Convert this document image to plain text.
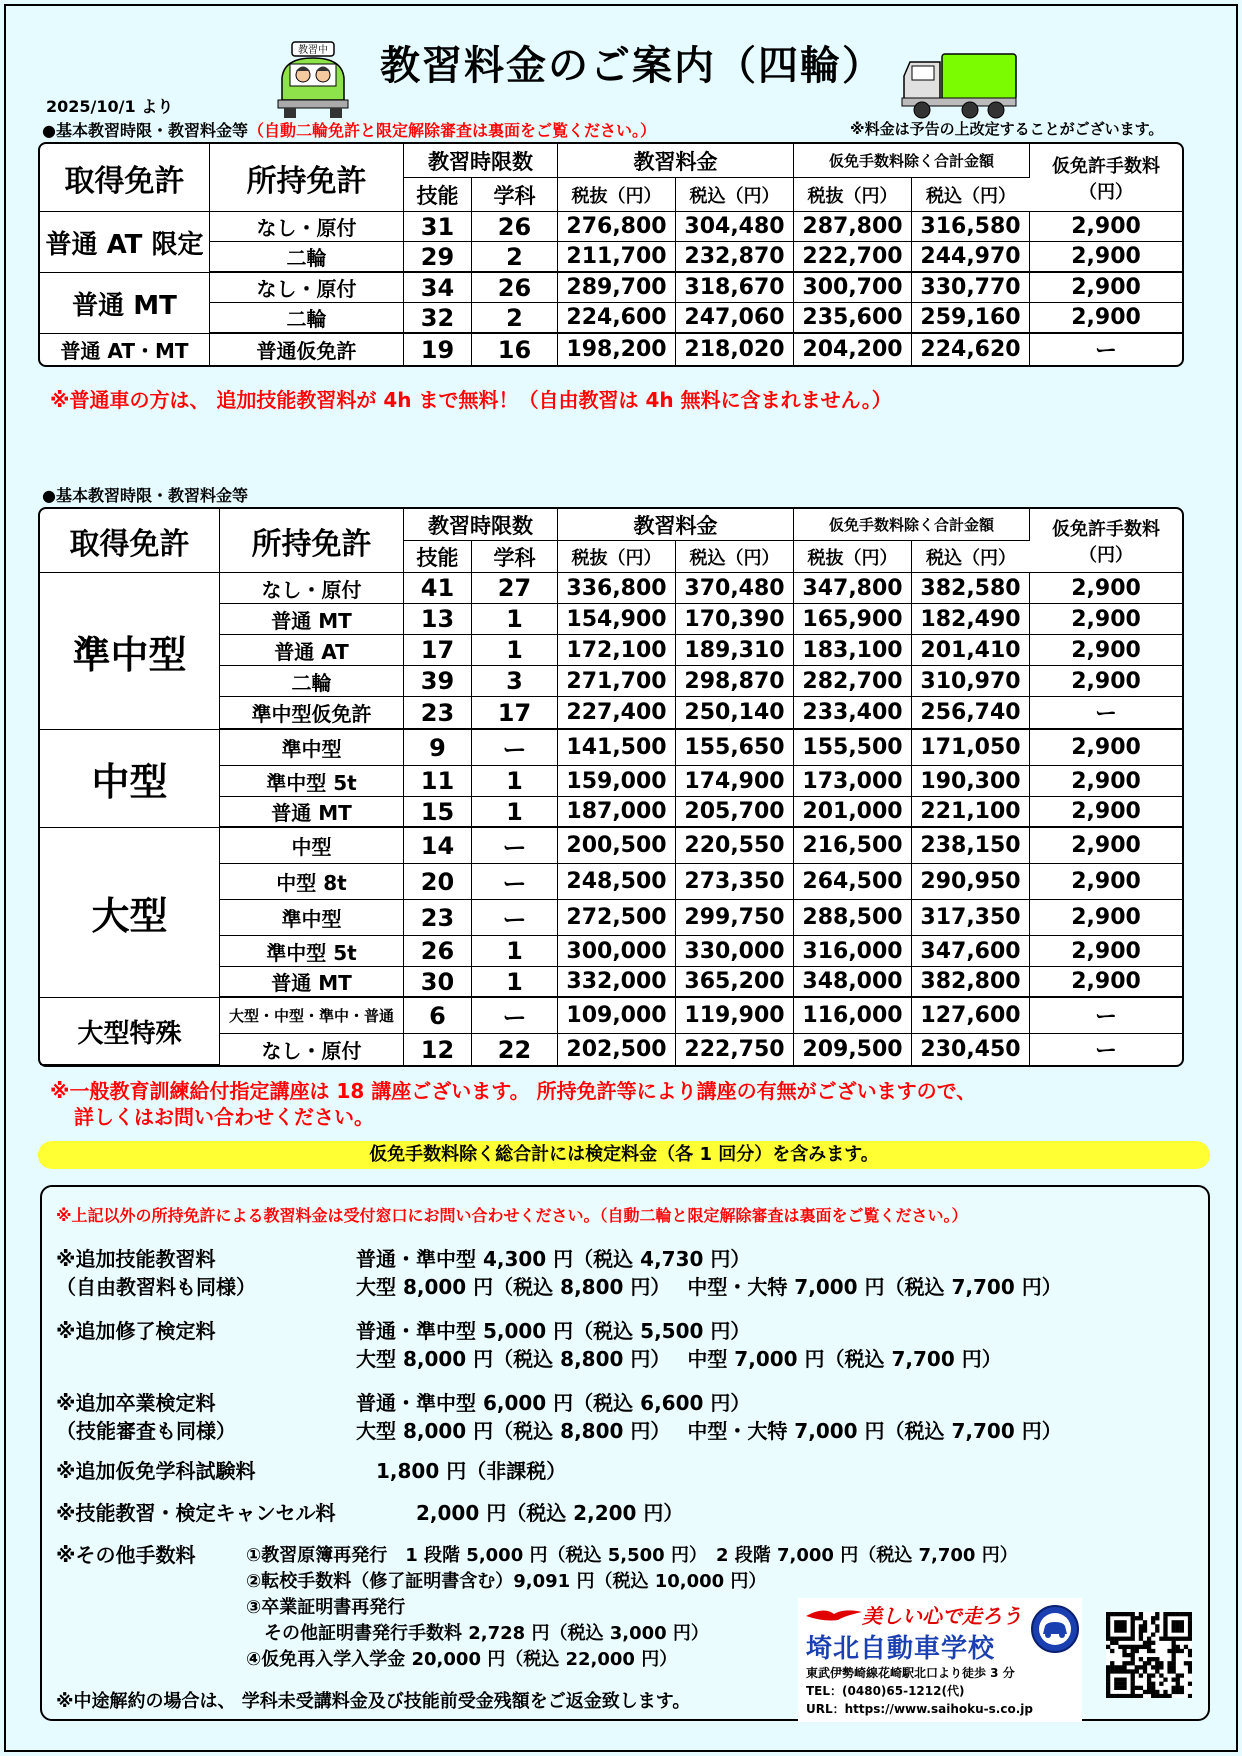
教習中 教習料金のご案内（四輪）
2025/10/1 より
●基本教習時限・教習料金等（自動二輪免許と限定解除審査は裏面をご覧ください。）	※料金は予告の上改定することがございます。
取得免許	所持免許	教習時限数		教習料金		仮免手数料除く合計金額		仮免許手数料
（円）
		技能	学科	税抜（円）	税込（円）	税抜（円）	税込（円）	
普通 AT 限定	なし・原付	31	26	276,800	304,480	287,800	316,580	2,900
	二輪	29	2	211,700	232,870	222,700	244,970	2,900
普通 MT	なし・原付	34	26	289,700	318,670	300,700	330,770	2,900
	二輪	32	2	224,600	247,060	235,600	259,160	2,900
普通 AT・MT	普通仮免許	19	16	198,200	218,020	204,200	224,620	ー
※普通車の方は、 追加技能教習料が 4h まで無料！（自由教習は 4h 無料に含まれません。）
●基本教習時限・教習料金等
取得免許	所持免許	教習時限数		教習料金		仮免手数料除く合計金額		仮免許手数料
（円）
		技能	学科	税抜（円）	税込（円）	税抜（円）	税込（円）	
準中型	なし・原付	41	27	336,800	370,480	347,800	382,580	2,900
	普通 MT	13	1	154,900	170,390	165,900	182,490	2,900
	普通 AT	17	1	172,100	189,310	183,100	201,410	2,900
	二輪	39	3	271,700	298,870	282,700	310,970	2,900
	準中型仮免許	23	17	227,400	250,140	233,400	256,740	ー
中型	準中型	9	ー	141,500	155,650	155,500	171,050	2,900
	準中型 5t	11	1	159,000	174,900	173,000	190,300	2,900
	普通 MT	15	1	187,000	205,700	201,000	221,100	2,900
大型	中型	14	ー	200,500	220,550	216,500	238,150	2,900
	中型 8t	20	ー	248,500	273,350	264,500	290,950	2,900
	準中型	23	ー	272,500	299,750	288,500	317,350	2,900
	準中型 5t	26	1	300,000	330,000	316,000	347,600	2,900
	普通 MT	30	1	332,000	365,200	348,000	382,800	2,900
大型特殊	大型・中型・準中・普通	6	ー	109,000	119,900	116,000	127,600	ー
	なし・原付	12	22	202,500	222,750	209,500	230,450	ー
※一般教育訓練給付指定講座は 18 講座ございます。 所持免許等により講座の有無がございますので、
詳しくはお問い合わせください。
仮免手数料除く総合計には検定料金（各 1 回分）を含みます。
※上記以外の所持免許による教習料金は受付窓口にお問い合わせください。（自動二輪と限定解除審査は裏面をご覧ください。）
※追加技能教習料
（自由教習料も同様）
普通・準中型 4,300 円（税込 4,730 円）
大型 8,000 円（税込 8,800 円）　 中型・大特 7,000 円（税込 7,700 円）
※追加修了検定料	普通・準中型 5,000 円（税込 5,500 円）
大型 8,000 円（税込 8,800 円）　 中型 7,000 円（税込 7,700 円）
※追加卒業検定料
（技能審査も同様）
普通・準中型 6,000 円（税込 6,600 円）
大型 8,000 円（税込 8,800 円）　 中型・大特 7,000 円（税込 7,700 円）
※追加仮免学科試験料	1,800 円（非課税）
※技能教習・検定キャンセル料	2,000 円（税込 2,200 円）
※その他手数料	①教習原簿再発行　1 段階 5,000 円（税込 5,500 円）　2 段階 7,000 円（税込 7,700 円）
②転校手数料（修了証明書含む）9,091 円（税込 10,000 円）
③卒業証明書再発行
その他証明書発行手数料 2,728 円（税込 3,000 円）
④仮免再入学入学金 20,000 円（税込 22,000 円）
※中途解約の場合は、 学科未受講料金及び技能前受金残額をご返金致します。
美しい心で走ろう
埼北自動車学校
東武伊勢崎線花崎駅北口より徒歩 3 分
TEL：(0480)65-1212(代)
URL：https://www.saihoku-s.co.jp
